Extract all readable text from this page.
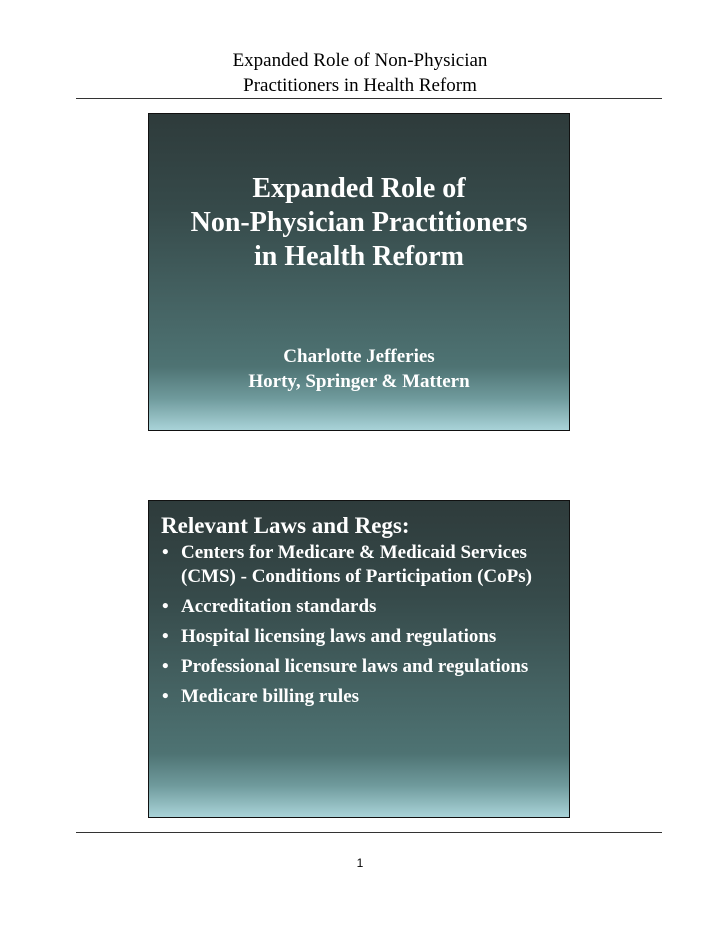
Expanded Role of Non-Physician
Practitioners in Health Reform
Expanded Role of
Non-Physician Practitioners
in Health Reform
Charlotte Jefferies
Horty, Springer & Mattern
Relevant Laws and Regs:
• Centers for Medicare & Medicaid Services (CMS) - Conditions of Participation (CoPs)
• Accreditation standards
• Hospital licensing laws and regulations
• Professional licensure laws and regulations
• Medicare billing rules
1
